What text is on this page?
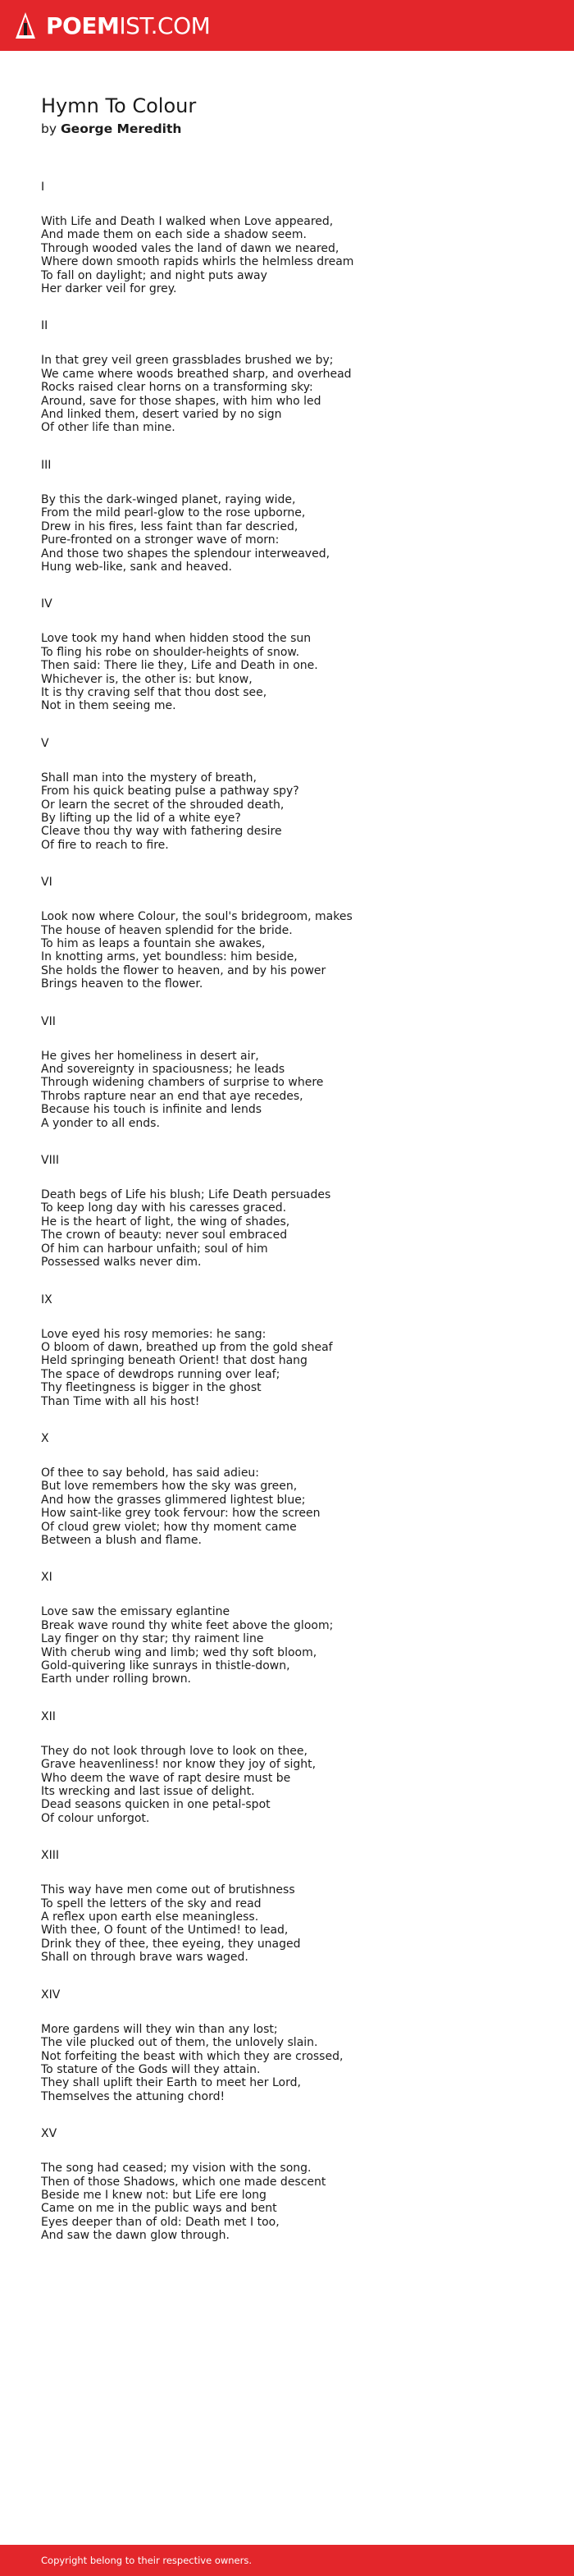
POEMIST.COM
Hymn To Colour
by George Meredith
I
With Life and Death I walked when Love appeared,
And made them on each side a shadow seem.
Through wooded vales the land of dawn we neared,
Where down smooth rapids whirls the helmless dream
To fall on daylight; and night puts away
Her darker veil for grey.
II
In that grey veil green grassblades brushed we by;
We came where woods breathed sharp, and overhead
Rocks raised clear horns on a transforming sky:
Around, save for those shapes, with him who led
And linked them, desert varied by no sign
Of other life than mine.
III
By this the dark-winged planet, raying wide,
From the mild pearl-glow to the rose upborne,
Drew in his fires, less faint than far descried,
Pure-fronted on a stronger wave of morn:
And those two shapes the splendour interweaved,
Hung web-like, sank and heaved.
IV
Love took my hand when hidden stood the sun
To fling his robe on shoulder-heights of snow.
Then said: There lie they, Life and Death in one.
Whichever is, the other is: but know,
It is thy craving self that thou dost see,
Not in them seeing me.
V
Shall man into the mystery of breath,
From his quick beating pulse a pathway spy?
Or learn the secret of the shrouded death,
By lifting up the lid of a white eye?
Cleave thou thy way with fathering desire
Of fire to reach to fire.
VI
Look now where Colour, the soul's bridegroom, makes
The house of heaven splendid for the bride.
To him as leaps a fountain she awakes,
In knotting arms, yet boundless: him beside,
She holds the flower to heaven, and by his power
Brings heaven to the flower.
VII
He gives her homeliness in desert air,
And sovereignty in spaciousness; he leads
Through widening chambers of surprise to where
Throbs rapture near an end that aye recedes,
Because his touch is infinite and lends
A yonder to all ends.
VIII
Death begs of Life his blush; Life Death persuades
To keep long day with his caresses graced.
He is the heart of light, the wing of shades,
The crown of beauty: never soul embraced
Of him can harbour unfaith; soul of him
Possessed walks never dim.
IX
Love eyed his rosy memories: he sang:
O bloom of dawn, breathed up from the gold sheaf
Held springing beneath Orient! that dost hang
The space of dewdrops running over leaf;
Thy fleetingness is bigger in the ghost
Than Time with all his host!
X
Of thee to say behold, has said adieu:
But love remembers how the sky was green,
And how the grasses glimmered lightest blue;
How saint-like grey took fervour: how the screen
Of cloud grew violet; how thy moment came
Between a blush and flame.
XI
Love saw the emissary eglantine
Break wave round thy white feet above the gloom;
Lay finger on thy star; thy raiment line
With cherub wing and limb; wed thy soft bloom,
Gold-quivering like sunrays in thistle-down,
Earth under rolling brown.
XII
They do not look through love to look on thee,
Grave heavenliness! nor know they joy of sight,
Who deem the wave of rapt desire must be
Its wrecking and last issue of delight.
Dead seasons quicken in one petal-spot
Of colour unforgot.
XIII
This way have men come out of brutishness
To spell the letters of the sky and read
A reflex upon earth else meaningless.
With thee, O fount of the Untimed! to lead,
Drink they of thee, thee eyeing, they unaged
Shall on through brave wars waged.
XIV
More gardens will they win than any lost;
The vile plucked out of them, the unlovely slain.
Not forfeiting the beast with which they are crossed,
To stature of the Gods will they attain.
They shall uplift their Earth to meet her Lord,
Themselves the attuning chord!
XV
The song had ceased; my vision with the song.
Then of those Shadows, which one made descent
Beside me I knew not: but Life ere long
Came on me in the public ways and bent
Eyes deeper than of old: Death met I too,
And saw the dawn glow through.
Copyright belong to their respective owners.
